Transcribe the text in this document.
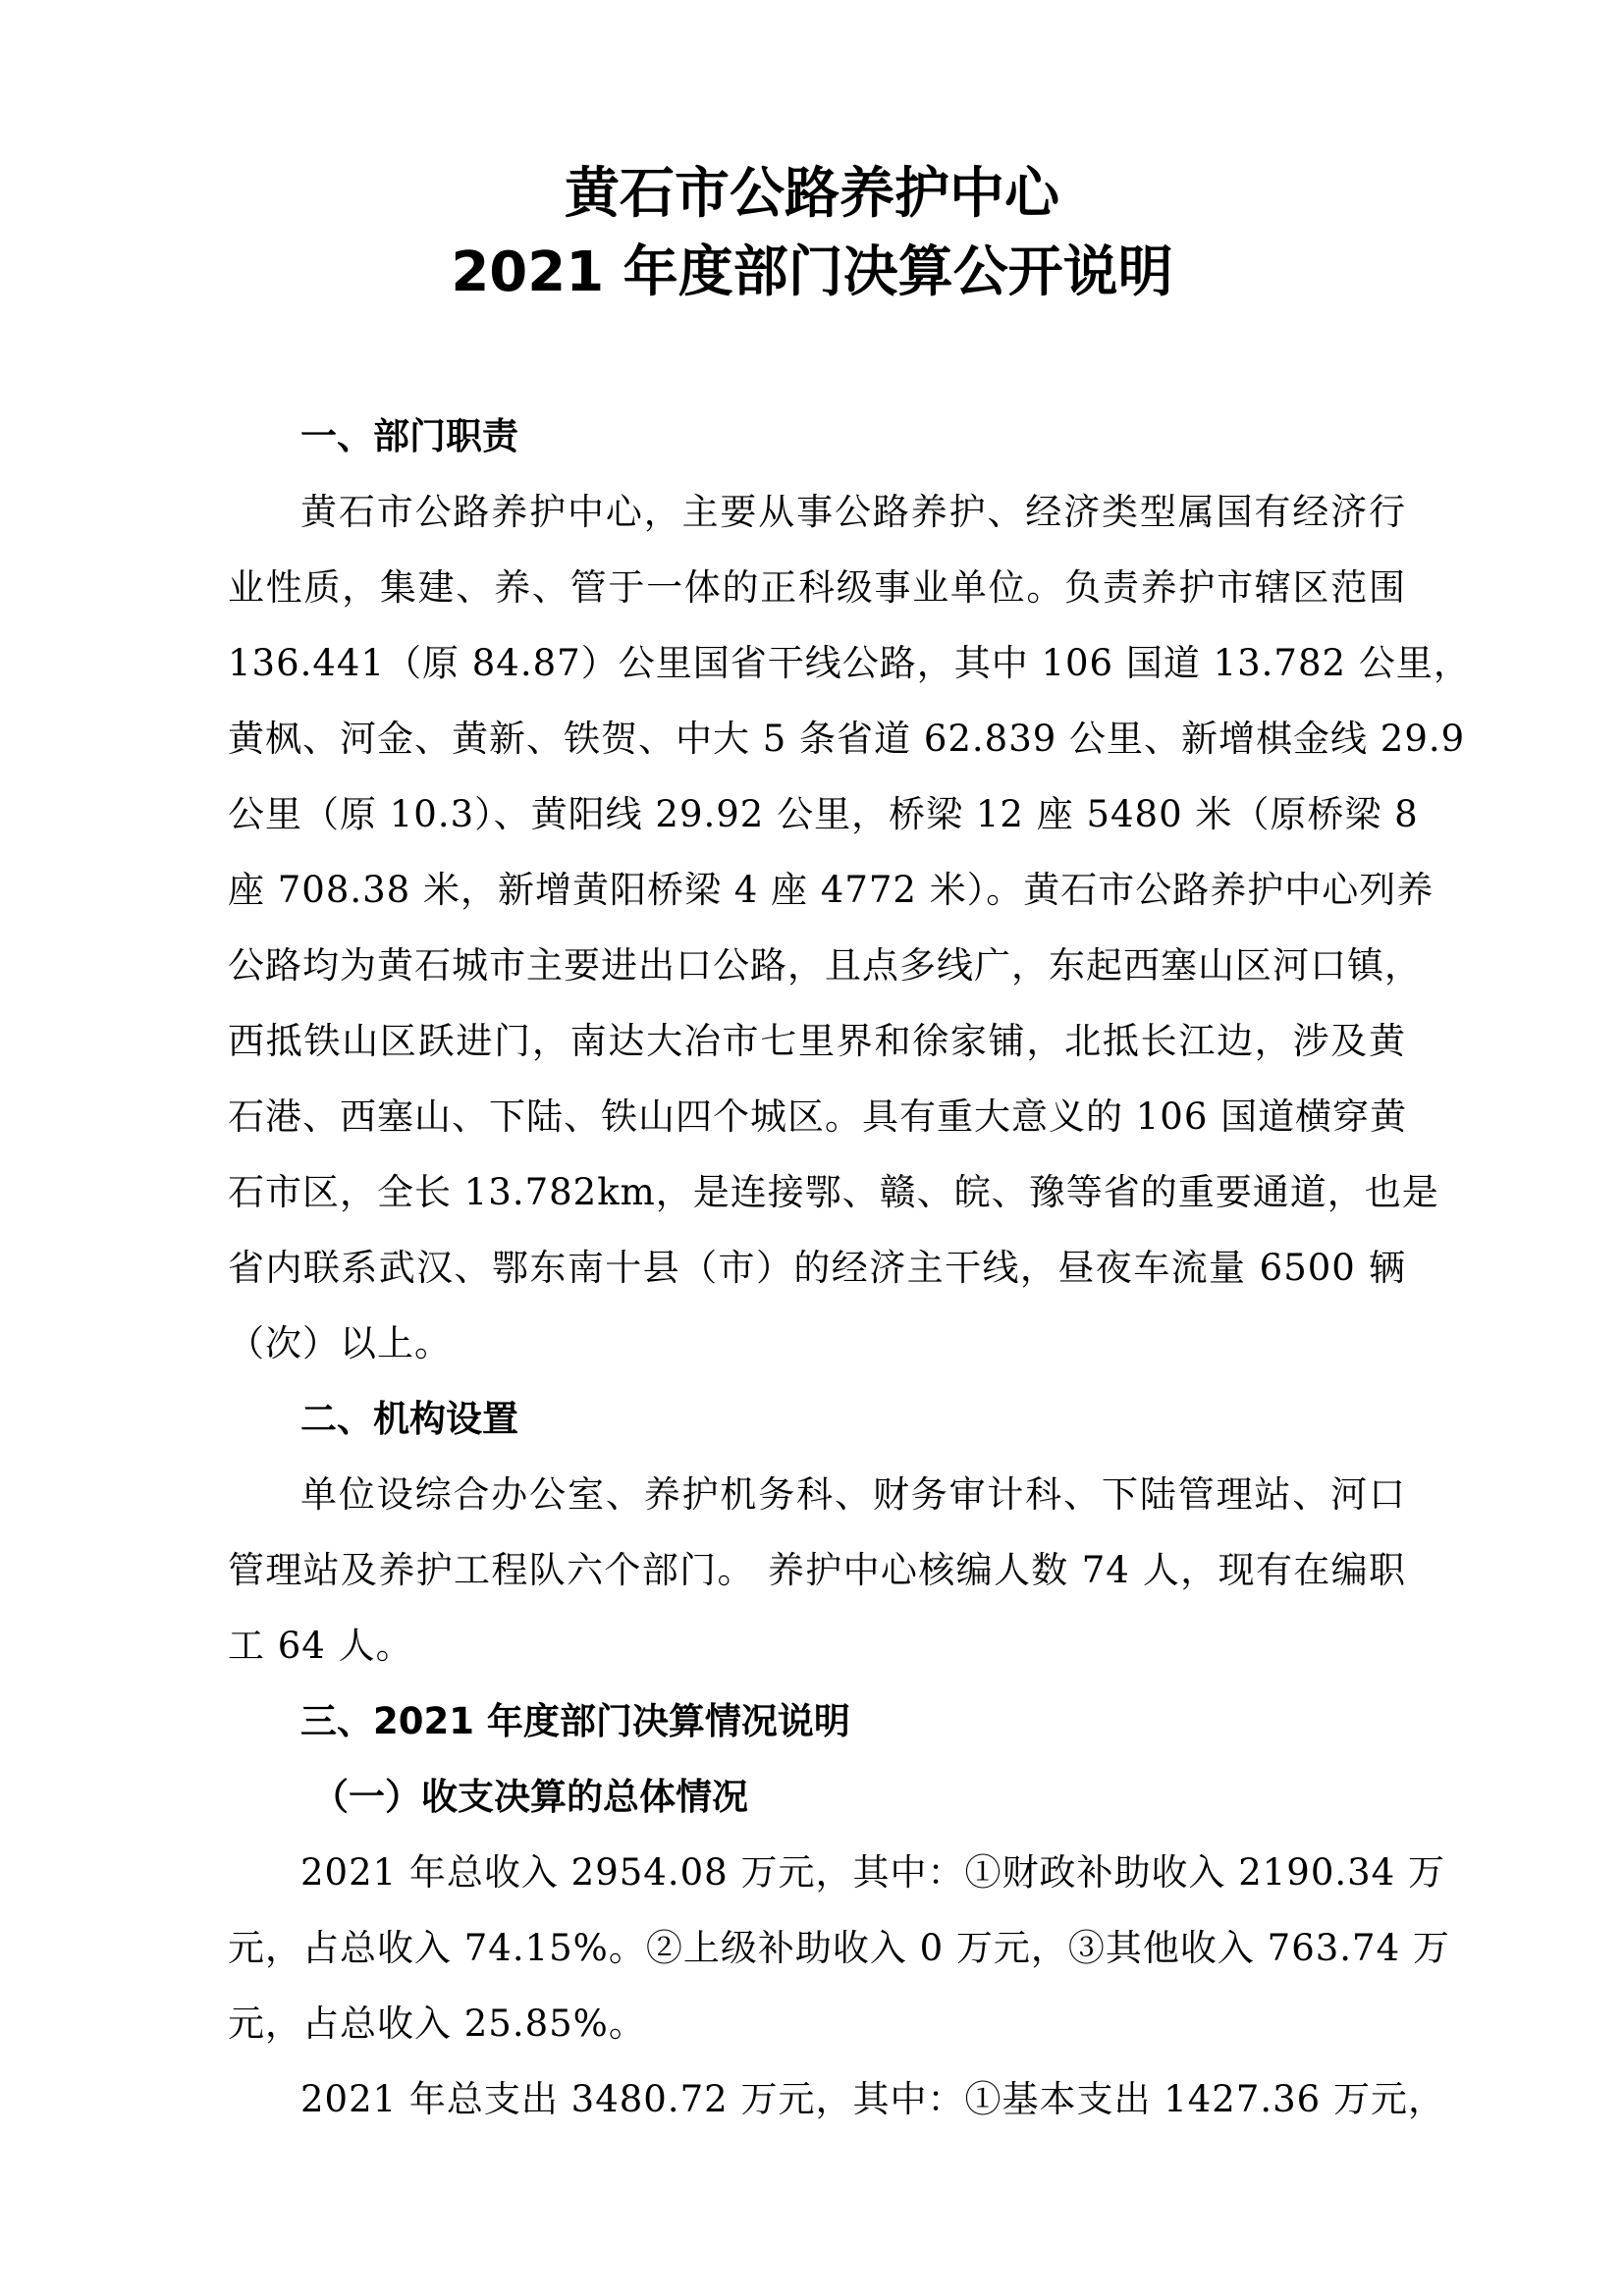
黄石市公路养护中心
2021 年度部门决算公开说明
一、部门职责
黄石市公路养护中心，主要从事公路养护、经济类型属国有经济行
业性质，集建、养、管于一体的正科级事业单位。负责养护市辖区范围
136.441（原 84.87）公里国省干线公路，其中 106 国道 13.782 公里，
黄枫、河金、黄新、铁贺、中大 5 条省道 62.839 公里、新增棋金线 29.9
公里（原 10.3）、黄阳线 29.92 公里，桥梁 12 座 5480 米（原桥梁 8
座 708.38 米，新增黄阳桥梁 4 座 4772 米）。黄石市公路养护中心列养
公路均为黄石城市主要进出口公路，且点多线广，东起西塞山区河口镇，
西抵铁山区跃进门，南达大冶市七里界和徐家铺，北抵长江边，涉及黄
石港、西塞山、下陆、铁山四个城区。具有重大意义的 106 国道横穿黄
石市区，全长 13.782km，是连接鄂、赣、皖、豫等省的重要通道，也是
省内联系武汉、鄂东南十县（市）的经济主干线，昼夜车流量 6500 辆
（次）以上。
二、机构设置
单位设综合办公室、养护机务科、财务审计科、下陆管理站、河口
管理站及养护工程队六个部门。 养护中心核编人数 74 人，现有在编职
工 64 人。
三、2021 年度部门决算情况说明
（一）收支决算的总体情况
2021 年总收入 2954.08 万元，其中：①财政补助收入 2190.34 万
元，占总收入 74.15%。②上级补助收入 0 万元，③其他收入 763.74 万
元，占总收入 25.85%。
2021 年总支出 3480.72 万元，其中：①基本支出 1427.36 万元，
